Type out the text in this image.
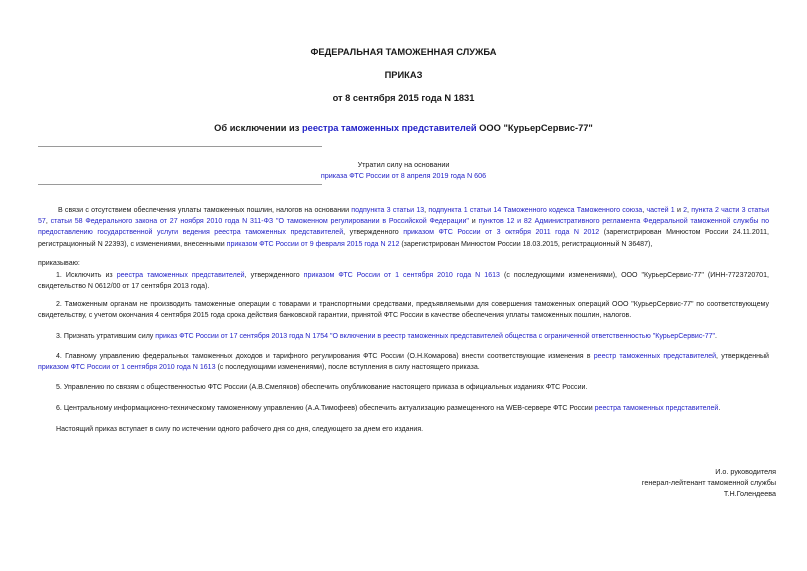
ФЕДЕРАЛЬНАЯ ТАМОЖЕННАЯ СЛУЖБА
ПРИКАЗ
от 8 сентября 2015 года N 1831
Об исключении из реестра таможенных представителей ООО "КурьерСервис-77"
Утратил силу на основании
приказа ФТС России от 8 апреля 2019 года N 606
В связи с отсутствием обеспечения уплаты таможенных пошлин, налогов на основании подпункта 3 статьи 13, подпункта 1 статьи 14 Таможенного кодекса Таможенного союза, частей 1 и 2, пункта 2 части 3 статьи 57, статьи 58 Федерального закона от 27 ноября 2010 года N 311-ФЗ "О таможенном регулировании в Российской Федерации" и пунктов 12 и 82 Административного регламента Федеральной таможенной службы по предоставлению государственной услуги ведения реестра таможенных представителей, утвержденного приказом ФТС России от 3 октября 2011 года N 2012 (зарегистрирован Минюстом России 24.11.2011, регистрационный N 22393), с изменениями, внесенными приказом ФТС России от 9 февраля 2015 года N 212 (зарегистрирован Минюстом России 18.03.2015, регистрационный N 36487),
приказываю:
1. Исключить из реестра таможенных представителей, утвержденного приказом ФТС России от 1 сентября 2010 года N 1613 (с последующими изменениями), ООО "КурьерСервис-77" (ИНН-7723720701, свидетельство N 0612/00 от 17 сентября 2013 года).
2. Таможенным органам не производить таможенные операции с товарами и транспортными средствами, предъявляемыми для совершения таможенных операций ООО "КурьерСервис-77" по соответствующему свидетельству, с учетом окончания 4 сентября 2015 года срока действия банковской гарантии, принятой ФТС России в качестве обеспечения уплаты таможенных пошлин, налогов.
3. Признать утратившим силу приказ ФТС России от 17 сентября 2013 года N 1754 "О включении в реестр таможенных представителей общества с ограниченной ответственностью "КурьерСервис-77".
4. Главному управлению федеральных таможенных доходов и тарифного регулирования ФТС России (О.Н.Комарова) внести соответствующие изменения в реестр таможенных представителей, утвержденный приказом ФТС России от 1 сентября 2010 года N 1613 (с последующими изменениями), после вступления в силу настоящего приказа.
5. Управлению по связям с общественностью ФТС России (А.В.Смеляков) обеспечить опубликование настоящего приказа в официальных изданиях ФТС России.
6. Центральному информационно-техническому таможенному управлению (А.А.Тимофеев) обеспечить актуализацию размещенного на WEB-сервере ФТС России реестра таможенных представителей.
Настоящий приказ вступает в силу по истечении одного рабочего дня со дня, следующего за днем его издания.
И.о. руководителя
генерал-лейтенант таможенной службы
Т.Н.Голендеева
